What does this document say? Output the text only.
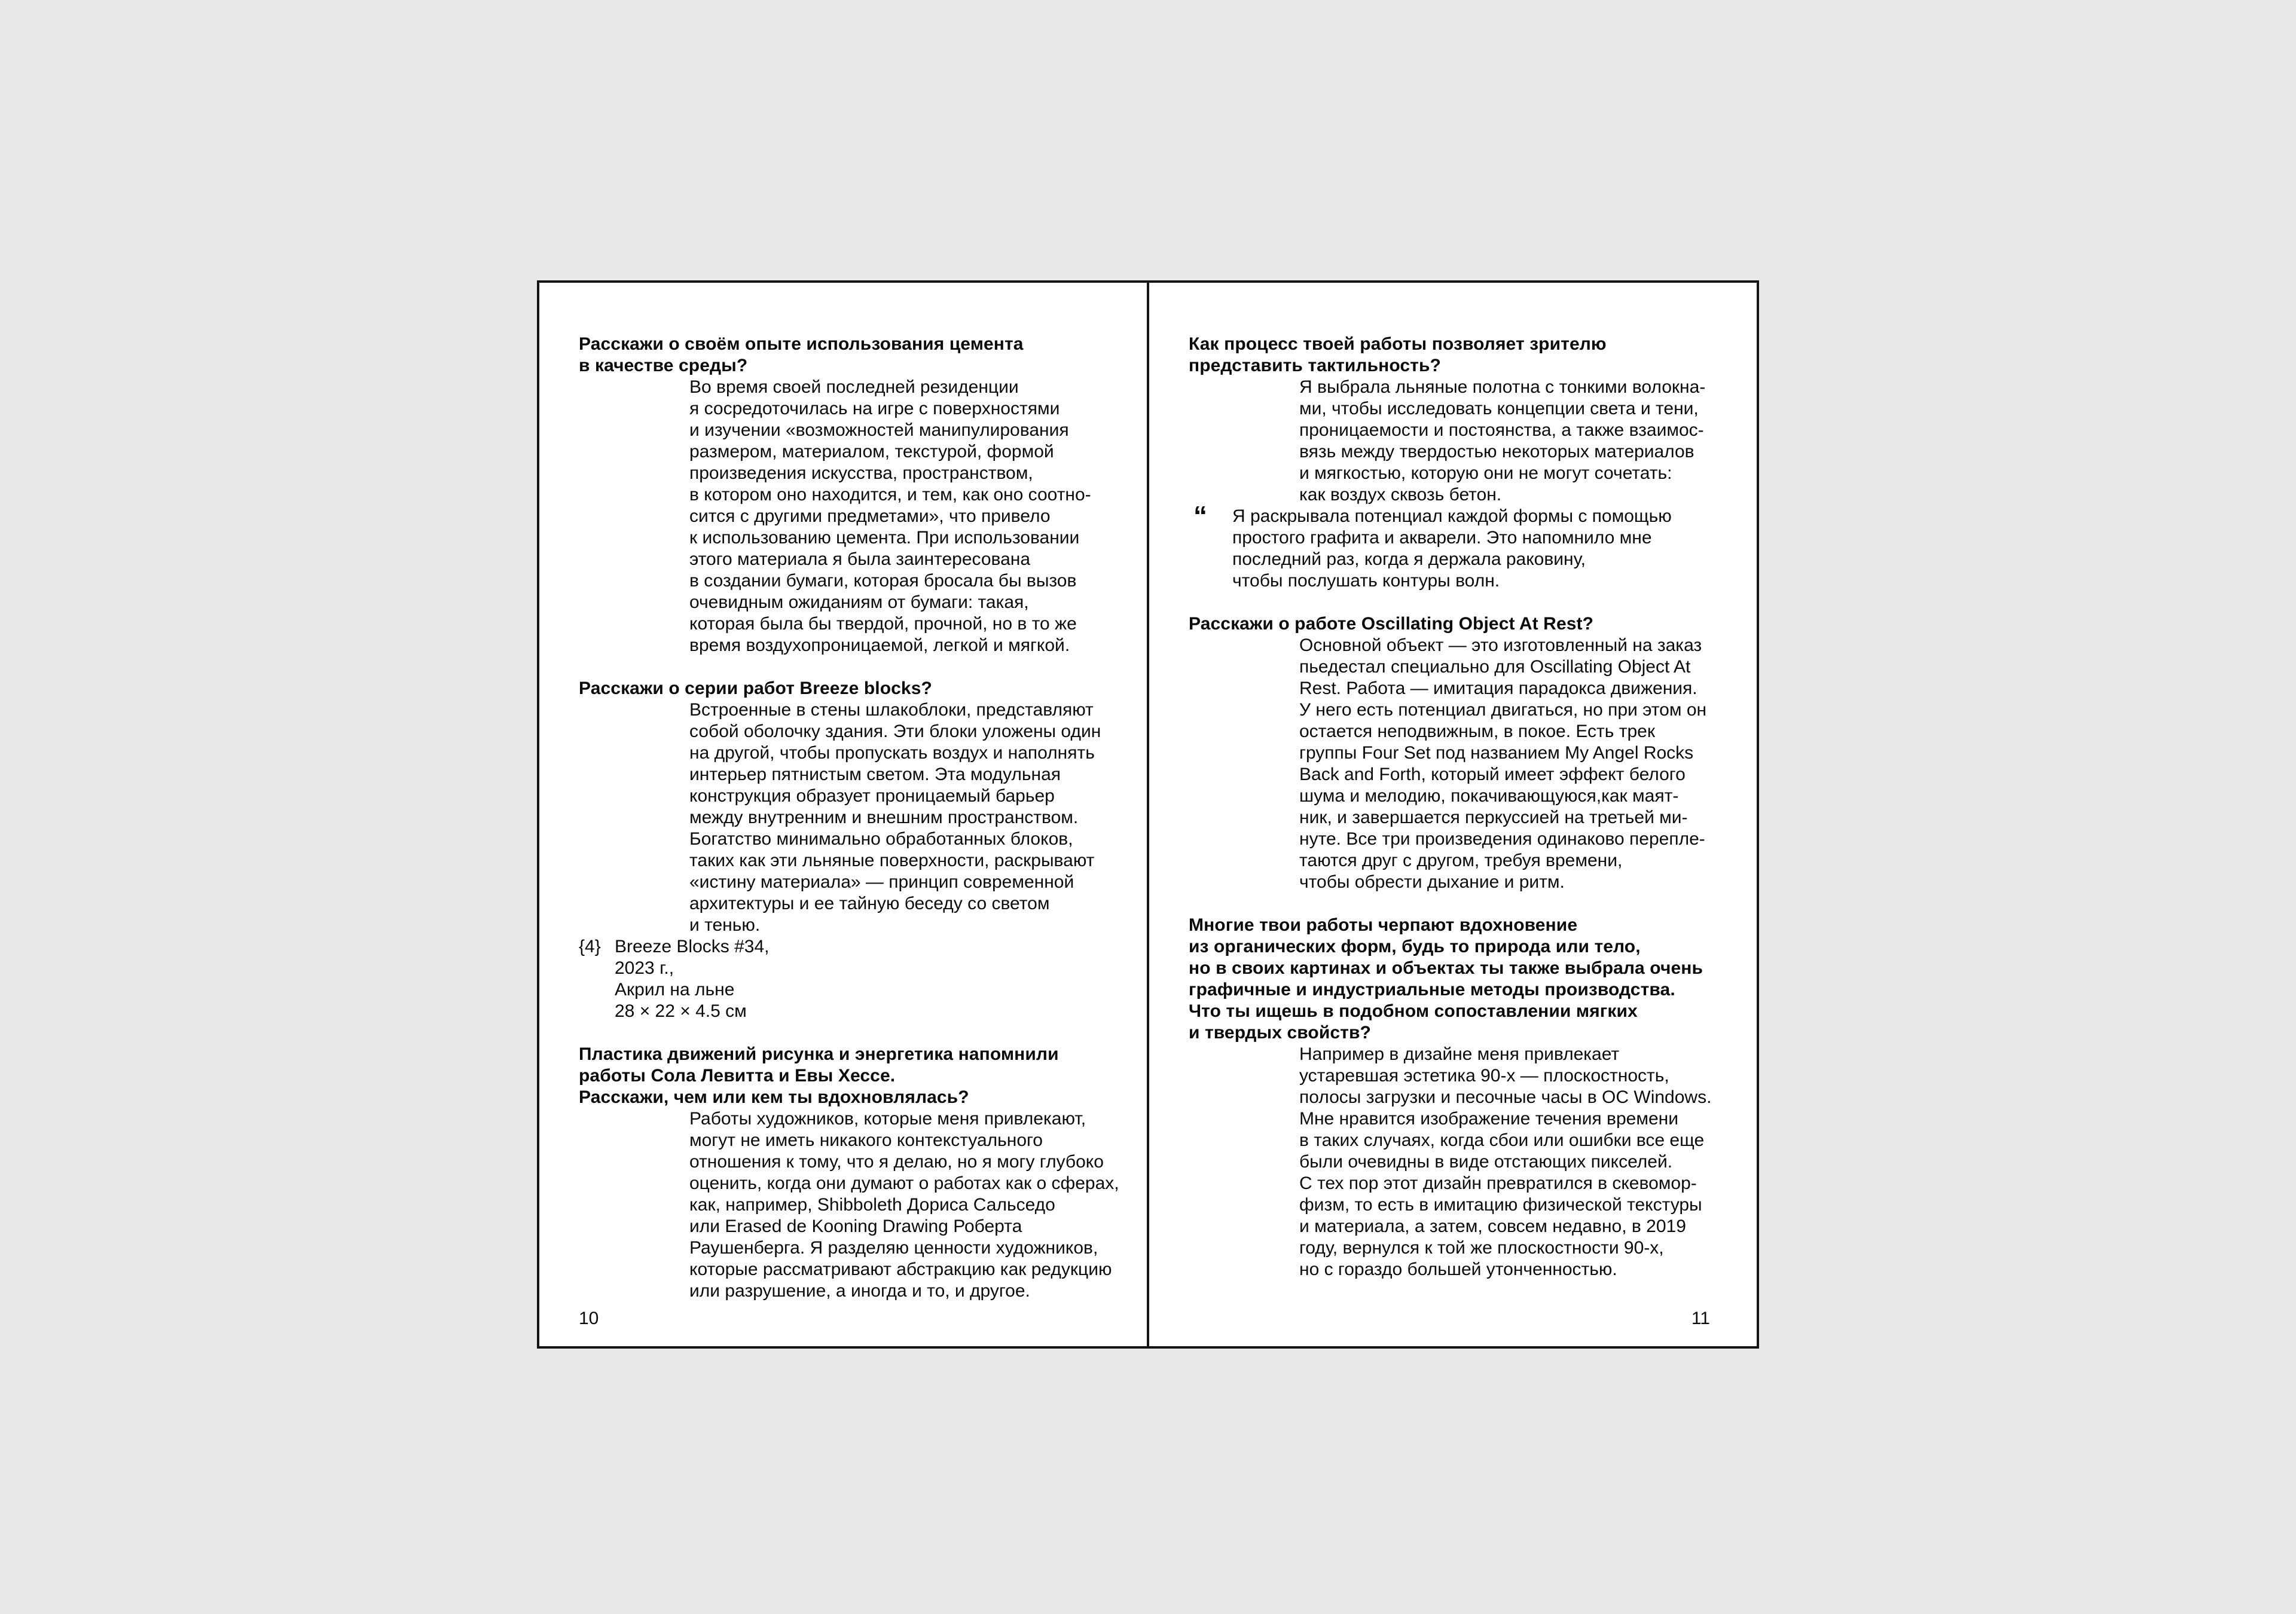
Расскажи о своём опыте использования цемента
в качестве среды?
Во время своей последней резиденции
я сосредоточилась на игре с поверхностями
и изучении «возможностей манипулирования
размером, материалом, текстурой, формой
произведения искусства, пространством,
в котором оно находится, и тем, как оно соотно-
сится с другими предметами», что привело
к использованию цемента. При использовании
этого материала я была заинтересована
в создании бумаги, которая бросала бы вызов
очевидным ожиданиям от бумаги: такая,
которая была бы твердой, прочной, но в то же
время воздухопроницаемой, легкой и мягкой.
Расскажи о серии работ Breeze blocks?
Встроенные в стены шлакоблоки, представляют
собой оболочку здания. Эти блоки уложены один
на другой, чтобы пропускать воздух и наполнять
интерьер пятнистым светом. Эта модульная
конструкция образует проницаемый барьер
между внутренним и внешним пространством.
Богатство минимально обработанных блоков,
таких как эти льняные поверхности, раскрывают
«истину материала» — принцип современной
архитектуры и ее тайную беседу со светом
и тенью.
{4} Breeze Blocks #34,
2023 г.,
Акрил на льне
28 × 22 × 4.5 см
Пластика движений рисунка и энергетика напомнили
работы Сола Левитта и Евы Хессе.
Расскажи, чем или кем ты вдохновлялась?
Работы художников, которые меня привлекают,
могут не иметь никакого контекстуального
отношения к тому, что я делаю, но я могу глубоко
оценить, когда они думают о работах как о сферах,
как, например, Shibboleth Дориса Сальседо
или Erased de Kooning Drawing Роберта
Раушенберга. Я разделяю ценности художников,
которые рассматривают абстракцию как редукцию
или разрушение, а иногда и то, и другое.
10
Как процесс твоей работы позволяет зрителю
представить тактильность?
Я выбрала льняные полотна с тонкими волокна-
ми, чтобы исследовать концепции света и тени,
проницаемости и постоянства, а также взаимос-
вязь между твердостью некоторых материалов
и мягкостью, которую они не могут сочетать:
как воздух сквозь бетон.
“	Я раскрывала потенциал каждой формы с помощью
простого графита и акварели. Это напомнило мне
последний раз, когда я держала раковину,
чтобы послушать контуры волн.
Расскажи о работе Oscillating Object At Rest?
Основной объект — это изготовленный на заказ
пьедестал специально для Oscillating Object At
Rest. Работа — имитация парадокса движения.
У него есть потенциал двигаться, но при этом он
остается неподвижным, в покое. Есть трек
группы Four Set под названием My Angel Rocks
Back and Forth, который имеет эффект белого
шума и мелодию, покачивающуюся,как маят-
ник, и завершается перкуссией на третьей ми-
нуте. Все три произведения одинаково перепле-
таются друг с другом, требуя времени,
чтобы обрести дыхание и ритм.
Многие твои работы черпают вдохновение
из органических форм, будь то природа или тело,
но в своих картинах и объектах ты также выбрала очень
графичные и индустриальные методы производства.
Что ты ищешь в подобном сопоставлении мягких
и твердых свойств?
Например в дизайне меня привлекает
устаревшая эстетика 90-х — плоскостность,
полосы загрузки и песочные часы в ОС Windows.
Мне нравится изображение течения времени
в таких случаях, когда сбои или ошибки все еще
были очевидны в виде отстающих пикселей.
С тех пор этот дизайн превратился в скевомор-
физм, то есть в имитацию физической текстуры
и материала, а затем, совсем недавно, в 2019
году, вернулся к той же плоскостности 90-х,
но с гораздо большей утонченностью.
11
